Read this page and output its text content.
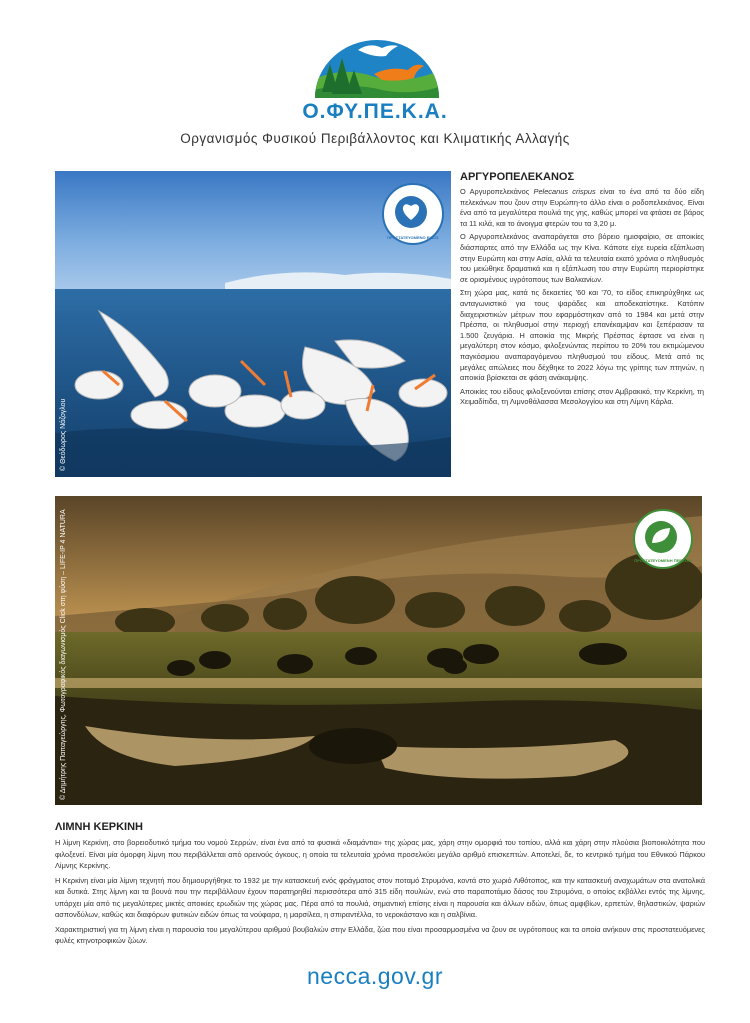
Ο.ΦΥ.ΠΕ.Κ.Α.
Οργανισμός Φυσικού Περιβάλλοντος και Κλιματικής Αλλαγής
© Θεόδωρος Νάζογλου
ΠΡΟΣΤΑΤΕΥΟΜΕΝΟ ΕΙΔΟΣ
ΑΡΓΥΡΟΠΕΛΕΚΑΝΟΣ

Ο Αργυροπελεκάνος Pelecanus crispus είναι το ένα από τα δύο είδη πελεκάνων που ζουν στην Ευρώπη-το άλλο είναι ο ροδοπελεκάνος. Είναι ένα από τα μεγαλύτερα πουλιά της γης, καθώς μπορεί να φτάσει σε βάρος τα 11 κιλά, και το άνοιγμα φτερών του τα 3,20 μ.

Ο Αργυροπελεκάνος αναπαράγεται στο βόρειο ημισφαίριο, σε αποικίες διάσπαρτες από την Ελλάδα ως την Κίνα. Κάποτε είχε ευρεία εξάπλωση στην Ευρώπη και στην Ασία, αλλά τα τελευταία εκατό χρόνια ο πληθυσμός του μειώθηκε δραματικά και η εξάπλωση του στην Ευρώπη περιορίστηκε σε ορισμένους υγρότοπους των Βαλκανίων.

Στη χώρα μας, κατά τις δεκαετίες ’60 και ’70, το είδος επικηρύχθηκε ως ανταγωνιστικό για τους ψαράδες και αποδεκατίστηκε. Κατόπιν διαχειριστικών μέτρων που εφαρμόστηκαν από το 1984 και μετά στην Πρέσπα, οι πληθυσμοί στην περιοχή επανέκαμψαν και ξεπέρασαν τα 1.500 ζευγάρια. Η αποικία της Μικρής Πρέσπας έφτασε να είναι η μεγαλύτερη στον κόσμο, φιλοξενώντας περίπου το 20% του εκτιμώμενου παγκόσμιου αναπαραγόμενου πληθυσμού του είδους. Μετά από τις μεγάλες απώλειες που δέχθηκε το 2022 λόγω της γρίπης των πτηνών, η αποικία βρίσκεται σε φάση ανάκαμψης.

Αποικίες του είδους φιλοξενούνται επίσης στον Αμβρακικό, την Κερκίνη, τη Χειμαδίτιδα, τη Λιμνοθάλασσα Μεσολογγίου και στη Λίμνη Κάρλα.

© Δημήτρης Παπαγεώργης, Φωτογραφικός διαγωνισμός Click στη φύση – LIFE-IP 4 NATURA	ΠΡΟΣΤΑΤΕΥΟΜΕΝΗ ΠΕΡΙΟΧΗ
ΛΙΜΝΗ ΚΕΡΚΙΝΗ

Η λίμνη Κερκίνη, στο βορειοδυτικό τμήμα του νομού Σερρών, είναι ένα από τα φυσικά «διαμάντια» της χώρας μας, χάρη στην ομορφιά του τοπίου, αλλά και χάρη στην πλούσια βιοποικιλότητα που φιλοξενεί. Είναι μία όμορφη λίμνη που περιβάλλεται από ορεινούς όγκους, η οποία τα τελευταία χρόνια προσελκύει μεγάλο αριθμό επισκεπτών. Αποτελεί, δε, το κεντρικό τμήμα του Εθνικού Πάρκου Λίμνης Κερκίνης.

Η Κερκίνη είναι μία λίμνη τεχνητή που δημιουργήθηκε το 1932 με την κατασκευή ενός φράγματος στον ποταμό Στρυμόνα, κοντά στο χωριό Λιθότοπος, και την κατασκευή αναχωμάτων στα ανατολικά και δυτικά. Στης λίμνη και τα βουνά που την περιβάλλουν έχουν παρατηρηθεί περισσότερα από 315 είδη πουλιών, ενώ στο παραποτάμιο δάσος του Στρυμόνα, ο οποίος εκβάλλει εντός της λίμνης, υπάρχει μία από τις μεγαλύτερες μικτές αποικίες ερωδιών της χώρας μας. Πέρα από τα πουλιά, σημαντική επίσης είναι η παρουσία και άλλων ειδών, όπως αμφιβίων, ερπετών, θηλαστικών, ψαριών ασπονδύλων, καθώς και διαφόρων φυτικών ειδών όπως τα νούφαρα, η μαρσίλεα, η σπιραντέλλα, το νεροκάστανο και η σαλβίνια.

Χαρακτηριστική για τη λίμνη είναι η παρουσία του μεγαλύτερου αριθμού βουβαλιών στην Ελλάδα, ζώα που είναι προσαρμοσμένα να ζουν σε υγρότοπους και τα οποία ανήκουν στις προστατευόμενες φυλές κτηνοτροφικών ζώων.

necca.gov.gr
